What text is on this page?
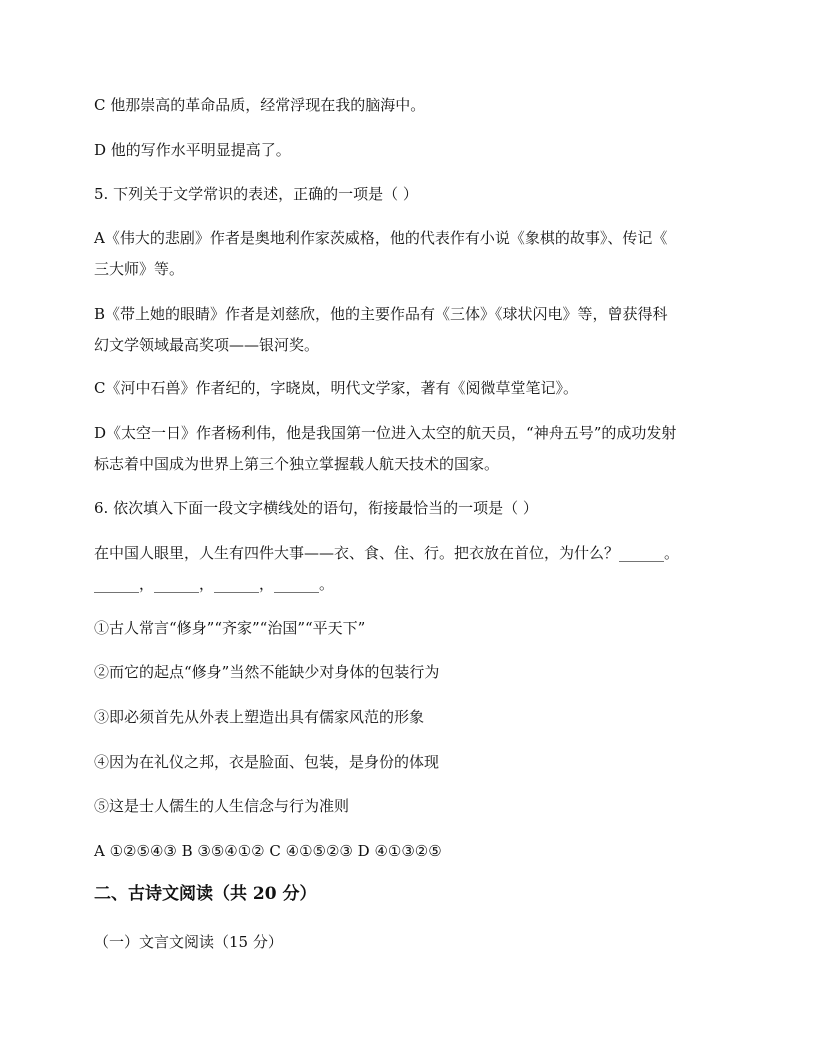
C 他那崇高的革命品质，经常浮现在我的脑海中。
D 他的写作水平明显提高了。
5. 下列关于文学常识的表述，正确的一项是（ ）
A《伟大的悲剧》作者是奥地利作家茨威格，他的代表作有小说《象棋的故事》、传记《
三大师》等。
B《带上她的眼睛》作者是刘慈欣，他的主要作品有《三体》《球状闪电》等，曾获得科
幻文学领域最高奖项——银河奖。
C《河中石兽》作者纪的，字晓岚，明代文学家，著有《阅微草堂笔记》。
D《太空一日》作者杨利伟，他是我国第一位进入太空的航天员，“神舟五号”的成功发射
标志着中国成为世界上第三个独立掌握载人航天技术的国家。
6. 依次填入下面一段文字横线处的语句，衔接最恰当的一项是（ ）
在中国人眼里，人生有四件大事——衣、食、住、行。把衣放在首位，为什么？______。
______，______，______，______。
①古人常言“修身”“齐家”“治国”“平天下”
②而它的起点“修身”当然不能缺少对身体的包装行为
③即必须首先从外表上塑造出具有儒家风范的形象
④因为在礼仪之邦，衣是脸面、包装，是身份的体现
⑤这是士人儒生的人生信念与行为准则
A ①②⑤④③ B ③⑤④①② C ④①⑤②③ D ④①③②⑤
二、古诗文阅读（共 20 分）
（一）文言文阅读（15 分）
